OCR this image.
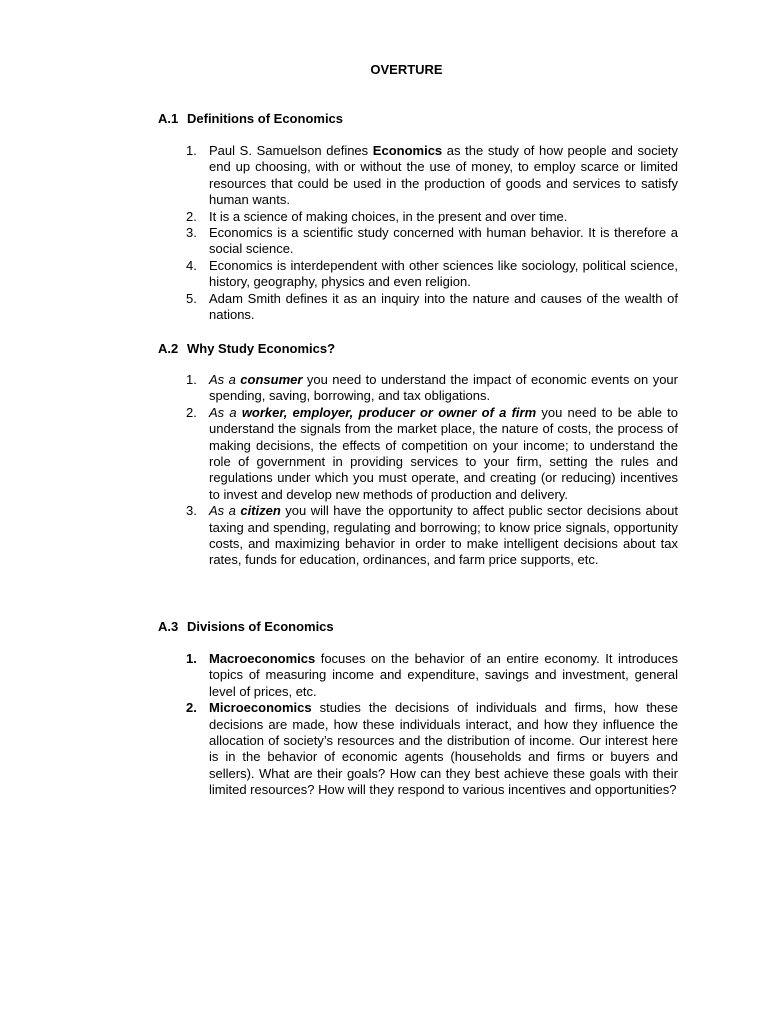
OVERTURE
A.1 Definitions of Economics
1. Paul S. Samuelson defines Economics as the study of how people and society end up choosing, with or without the use of money, to employ scarce or limited resources that could be used in the production of goods and services to satisfy human wants.
2. It is a science of making choices, in the present and over time.
3. Economics is a scientific study concerned with human behavior. It is therefore a social science.
4. Economics is interdependent with other sciences like sociology, political science, history, geography, physics and even religion.
5. Adam Smith defines it as an inquiry into the nature and causes of the wealth of nations.
A.2 Why Study Economics?
1. As a consumer you need to understand the impact of economic events on your spending, saving, borrowing, and tax obligations.
2. As a worker, employer, producer or owner of a firm you need to be able to understand the signals from the market place, the nature of costs, the process of making decisions, the effects of competition on your income; to understand the role of government in providing services to your firm, setting the rules and regulations under which you must operate, and creating (or reducing) incentives to invest and develop new methods of production and delivery.
3. As a citizen you will have the opportunity to affect public sector decisions about taxing and spending, regulating and borrowing; to know price signals, opportunity costs, and maximizing behavior in order to make intelligent decisions about tax rates, funds for education, ordinances, and farm price supports, etc.
A.3 Divisions of Economics
1. Macroeconomics focuses on the behavior of an entire economy. It introduces topics of measuring income and expenditure, savings and investment, general level of prices, etc.
2. Microeconomics studies the decisions of individuals and firms, how these decisions are made, how these individuals interact, and how they influence the allocation of society’s resources and the distribution of income. Our interest here is in the behavior of economic agents (households and firms or buyers and sellers). What are their goals? How can they best achieve these goals with their limited resources? How will they respond to various incentives and opportunities?
